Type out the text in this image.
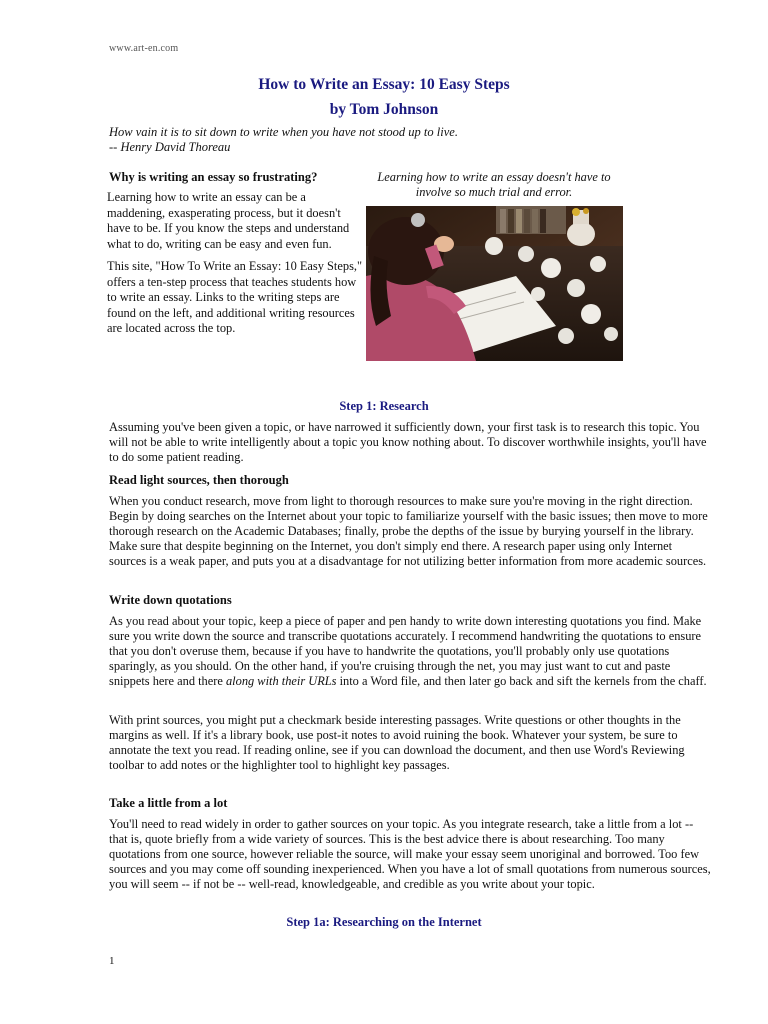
www.art-en.com
How to Write an Essay: 10 Easy Steps
by Tom Johnson
How vain it is to sit down to write when you have not stood up to live.
-- Henry David Thoreau
Why is writing an essay so frustrating?

Learning how to write an essay can be a maddening, exasperating process, but it doesn't have to be. If you know the steps and understand what to do, writing can be easy and even fun.

This site, "How To Write an Essay: 10 Easy Steps," offers a ten-step process that teaches students how to write an essay. Links to the writing steps are found on the left, and additional writing resources are located across the top.

Learning how to write an essay doesn't have to involve so much trial and error.
Step 1: Research

Assuming you've been given a topic, or have narrowed it sufficiently down, your first task is to research this topic. You will not be able to write intelligently about a topic you know nothing about. To discover worthwhile insights, you'll have to do some patient reading.

Read light sources, then thorough

When you conduct research, move from light to thorough resources to make sure you're moving in the right direction. Begin by doing searches on the Internet about your topic to familiarize yourself with the basic issues; then move to more thorough research on the Academic Databases; finally, probe the depths of the issue by burying yourself in the library. Make sure that despite beginning on the Internet, you don't simply end there. A research paper using only Internet sources is a weak paper, and puts you at a disadvantage for not utilizing better information from more academic sources.

Write down quotations

As you read about your topic, keep a piece of paper and pen handy to write down interesting quotations you find. Make sure you write down the source and transcribe quotations accurately. I recommend handwriting the quotations to ensure that you don't overuse them, because if you have to handwrite the quotations, you'll probably only use quotations sparingly, as you should. On the other hand, if you're cruising through the net, you may just want to cut and paste snippets here and there along with their URLs into a Word file, and then later go back and sift the kernels from the chaff.

With print sources, you might put a checkmark beside interesting passages. Write questions or other thoughts in the margins as well. If it's a library book, use post-it notes to avoid ruining the book. Whatever your system, be sure to annotate the text you read. If reading online, see if you can download the document, and then use Word's Reviewing toolbar to add notes or the highlighter tool to highlight key passages.

Take a little from a lot

You'll need to read widely in order to gather sources on your topic. As you integrate research, take a little from a lot -- that is, quote briefly from a wide variety of sources. This is the best advice there is about researching. Too many quotations from one source, however reliable the source, will make your essay seem unoriginal and borrowed. Too few sources and you may come off sounding inexperienced. When you have a lot of small quotations from numerous sources, you will seem -- if not be -- well-read, knowledgeable, and credible as you write about your topic.

Step 1a: Researching on the Internet
1
